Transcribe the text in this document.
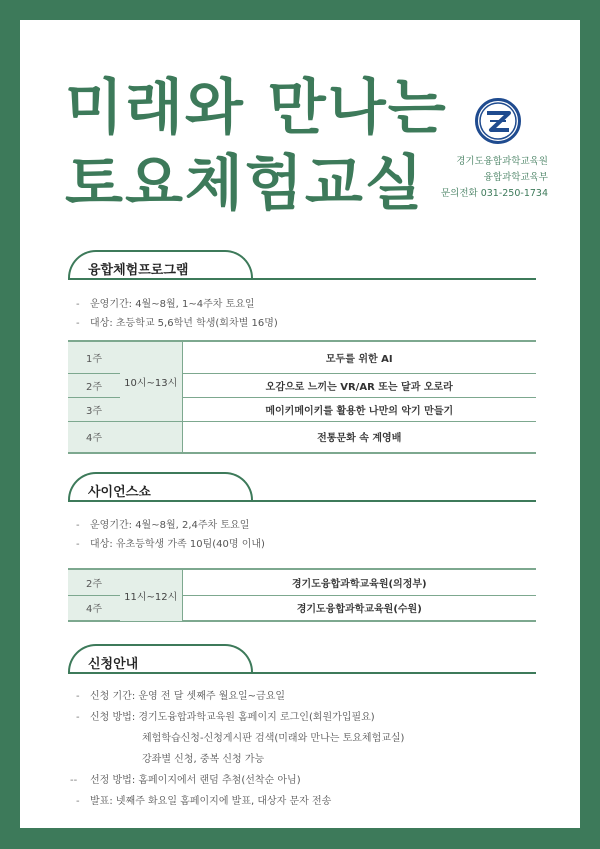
미래와 만나는
토요체험교실	경기도융합과학교육원
융합과학교육부
문의전화 031-250-1734
융합체험프로그램
- 운영기간: 4월~8월, 1~4주차 토요일
- 대상: 초등학교 5,6학년 학생(회차별 16명)
1주	10시~13시	모두를 위한 AI
2주		오감으로 느끼는 VR/AR 또는 달과 오로라
3주		메이키메이키를 활용한 나만의 악기 만들기
4주		전통문화 속 계영배
사이언스쇼
- 운영기간: 4월~8월, 2,4주차 토요일
- 대상: 유초등학생 가족 10팀(40명 이내)
2주	11시~12시	경기도융합과학교육원(의정부)
4주		경기도융합과학교육원(수원)
신청안내
- 신청 기간: 운영 전 달 셋째주 월요일~금요일
- 신청 방법: 경기도융합과학교육원 홈페이지 로그인(회원가입필요)
체험학습신청-신청게시판 검색(미래와 만나는 토요체험교실)
강좌별 신청, 중복 신청 가능
-- 선정 방법: 홈페이지에서 랜덤 추첨(선착순 아님)
- 발표: 넷째주 화요일 홈페이지에 발표, 대상자 문자 전송
